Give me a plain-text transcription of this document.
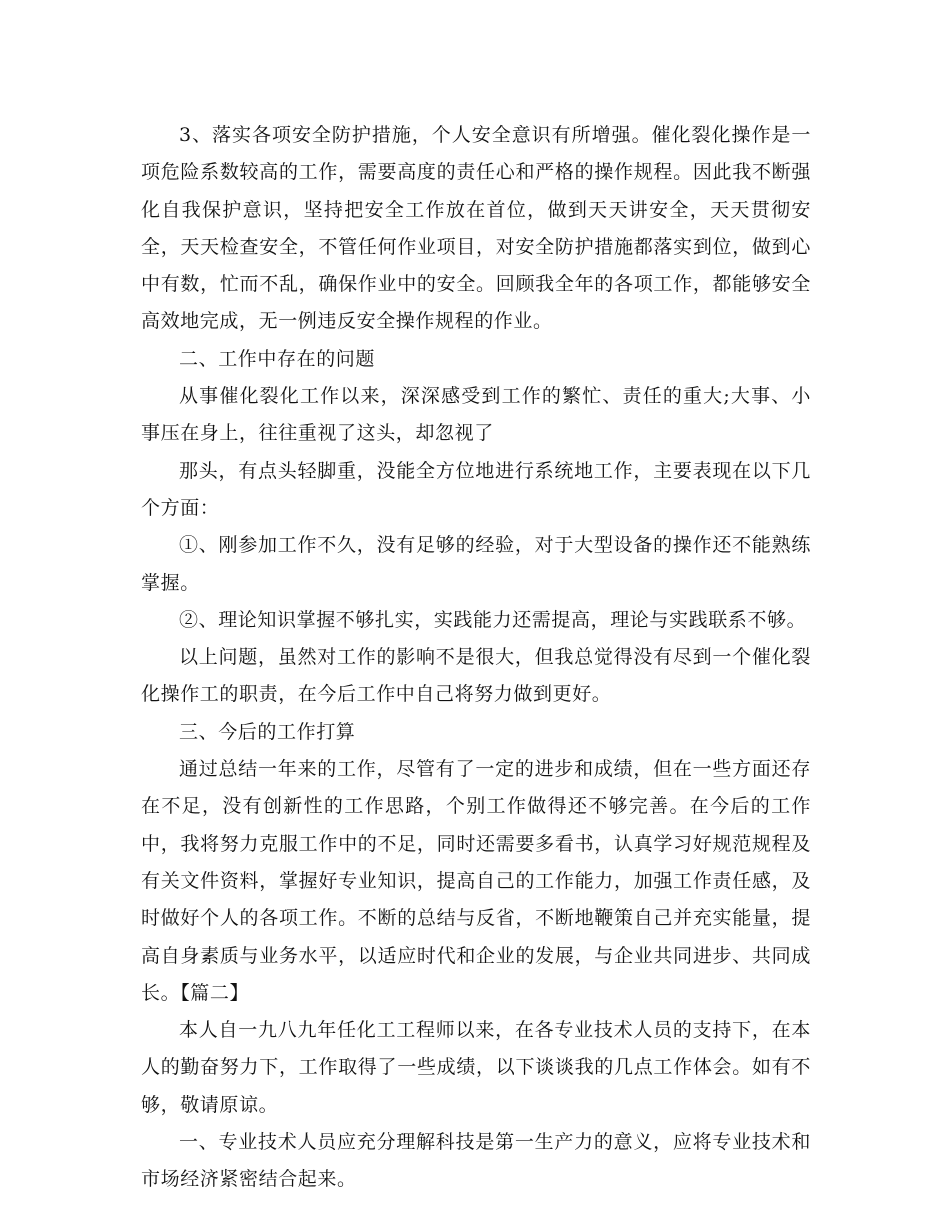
3、落实各项安全防护措施，个人安全意识有所增强。催化裂化操作是一项危险系数较高的工作，需要高度的责任心和严格的操作规程。因此我不断强化自我保护意识，坚持把安全工作放在首位，做到天天讲安全，天天贯彻安全，天天检查安全，不管任何作业项目，对安全防护措施都落实到位，做到心中有数，忙而不乱，确保作业中的安全。回顾我全年的各项工作，都能够安全高效地完成，无一例违反安全操作规程的作业。

二、工作中存在的问题

从事催化裂化工作以来，深深感受到工作的繁忙、责任的重大;大事、小事压在身上，往往重视了这头，却忽视了

那头，有点头轻脚重，没能全方位地进行系统地工作，主要表现在以下几个方面：

①、刚参加工作不久，没有足够的经验，对于大型设备的操作还不能熟练掌握。

②、理论知识掌握不够扎实，实践能力还需提高，理论与实践联系不够。

以上问题，虽然对工作的影响不是很大，但我总觉得没有尽到一个催化裂化操作工的职责，在今后工作中自己将努力做到更好。

三、今后的工作打算

通过总结一年来的工作，尽管有了一定的进步和成绩，但在一些方面还存在不足，没有创新性的工作思路，个别工作做得还不够完善。在今后的工作中，我将努力克服工作中的不足，同时还需要多看书，认真学习好规范规程及有关文件资料，掌握好专业知识，提高自己的工作能力，加强工作责任感，及时做好个人的各项工作。不断的总结与反省，不断地鞭策自己并充实能量，提高自身素质与业务水平，以适应时代和企业的发展，与企业共同进步、共同成长。【篇二】

本人自一九八九年任化工工程师以来，在各专业技术人员的支持下，在本人的勤奋努力下，工作取得了一些成绩，以下谈谈我的几点工作体会。如有不够，敬请原谅。

一、专业技术人员应充分理解科技是第一生产力的意义，应将专业技术和市场经济紧密结合起来。
